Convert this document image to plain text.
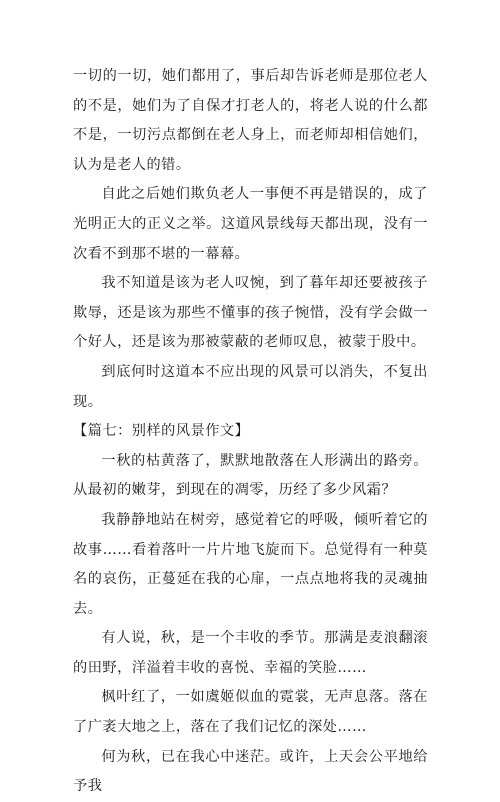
一切的一切，她们都用了，事后却告诉老师是那位老人的不是，她们为了自保才打老人的，将老人说的什么都不是，一切污点都倒在老人身上，而老师却相信她们，认为是老人的错。

自此之后她们欺负老人一事便不再是错误的，成了光明正大的正义之举。这道风景线每天都出现，没有一次看不到那不堪的一幕幕。

我不知道是该为老人叹惋，到了暮年却还要被孩子欺辱，还是该为那些不懂事的孩子惋惜，没有学会做一个好人，还是该为那被蒙蔽的老师叹息，被蒙于股中。

到底何时这道本不应出现的风景可以消失，不复出现。

【篇七：别样的风景作文】

一秋的枯黄落了，默默地散落在人形满出的路旁。从最初的嫩芽，到现在的凋零，历经了多少风霜？

我静静地站在树旁，感觉着它的呼吸，倾听着它的故事……看着落叶一片片地飞旋而下。总觉得有一种莫名的哀伤，正蔓延在我的心扉，一点点地将我的灵魂抽去。

有人说，秋，是一个丰收的季节。那满是麦浪翻滚的田野，洋溢着丰收的喜悦、幸福的笑脸……

枫叶红了，一如虞姬似血的霓裳，无声息落。落在了广袤大地之上，落在了我们记忆的深处……

何为秋，已在我心中迷茫。或许，上天会公平地给予我
